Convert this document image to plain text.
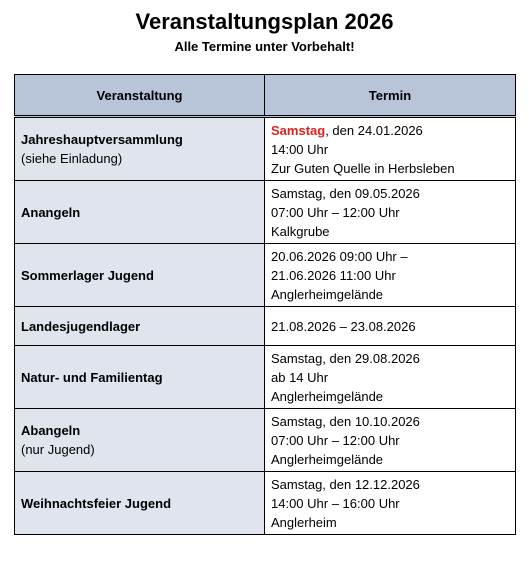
Veranstaltungsplan 2026
Alle Termine unter Vorbehalt!
Veranstaltung	Termin

Jahreshauptversammlung
(siehe Einladung)	Samstag, den 24.01.2026
14:00 Uhr
Zur Guten Quelle in Herbsleben

Anangeln	Samstag, den 09.05.2026
07:00 Uhr – 12:00 Uhr
Kalkgrube

Sommerlager Jugend	20.06.2026 09:00 Uhr –
21.06.2026 11:00 Uhr
Anglerheimgelände

Landesjugendlager	21.08.2026 – 23.08.2026

Natur- und Familientag	Samstag, den 29.08.2026
ab 14 Uhr
Anglerheimgelände

Abangeln
(nur Jugend)	Samstag, den 10.10.2026
07:00 Uhr – 12:00 Uhr
Anglerheimgelände

Weihnachtsfeier Jugend	Samstag, den 12.12.2026
14:00 Uhr – 16:00 Uhr
Anglerheim
